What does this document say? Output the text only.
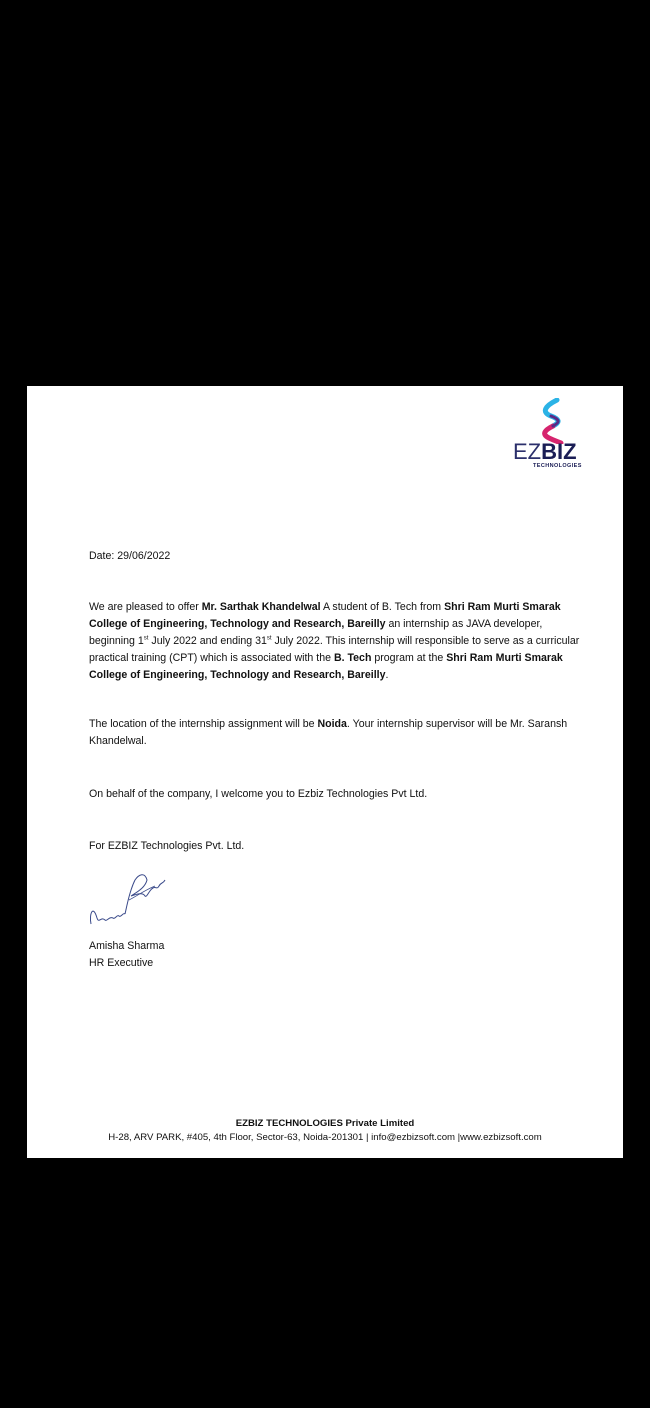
EZBIZ
TECHNOLOGIES
Date: 29/06/2022
We are pleased to offer Mr. Sarthak Khandelwal A student of B. Tech from Shri Ram Murti Smarak College of Engineering, Technology and Research, Bareilly an internship as JAVA developer, beginning 1st July 2022 and ending 31st July 2022. This internship will responsible to serve as a curricular practical training (CPT) which is associated with the B. Tech program at the Shri Ram Murti Smarak College of Engineering, Technology and Research, Bareilly.
The location of the internship assignment will be Noida. Your internship supervisor will be Mr. Saransh Khandelwal.
On behalf of the company, I welcome you to Ezbiz Technologies Pvt Ltd.
For EZBIZ Technologies Pvt. Ltd.
Amisha Sharma
HR Executive
EZBIZ TECHNOLOGIES Private Limited
H-28, ARV PARK, #405, 4th Floor, Sector-63, Noida-201301 | info@ezbizsoft.com |www.ezbizsoft.com
